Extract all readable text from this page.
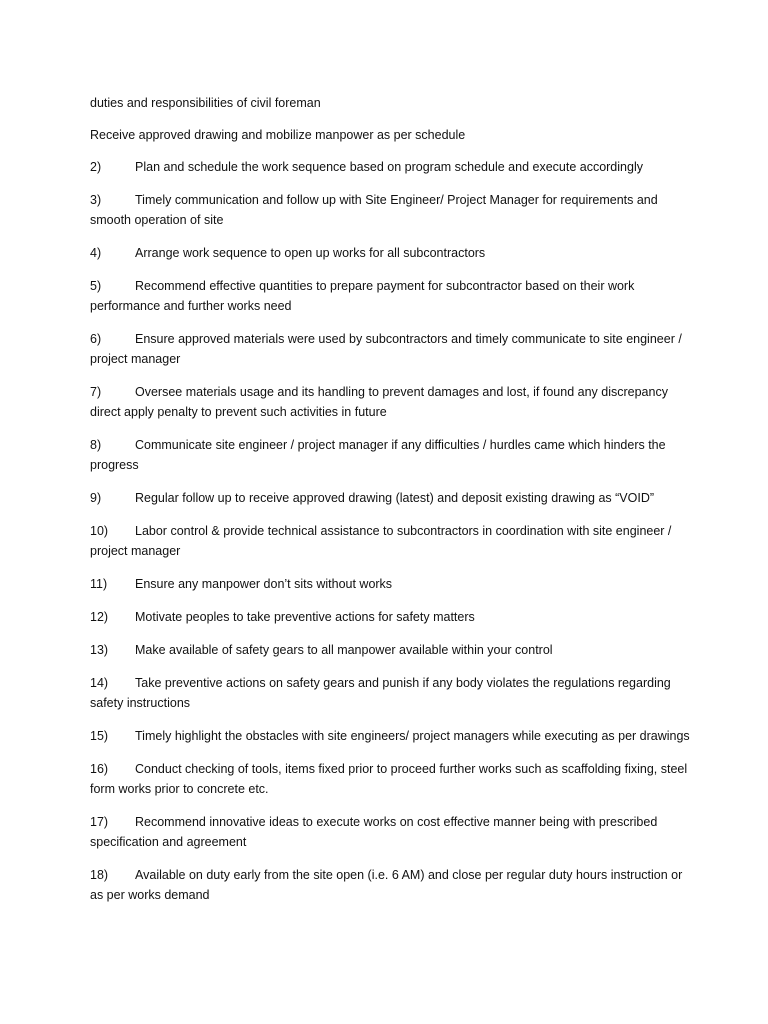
duties and responsibilities of civil foreman

Receive approved drawing and mobilize manpower as per schedule

2)	Plan and schedule the work sequence based on program schedule and execute accordingly

3)	Timely communication and follow up with Site Engineer/ Project Manager for requirements and smooth operation of site

4)	Arrange work sequence to open up works for all subcontractors

5)	Recommend effective quantities to prepare payment for subcontractor based on their work performance and further works need

6)	Ensure approved materials were used by subcontractors and timely communicate to site engineer / project manager

7)	Oversee materials usage and its handling to prevent damages and lost, if found any discrepancy direct apply penalty to prevent such activities in future

8)	Communicate site engineer / project manager if any difficulties / hurdles came which hinders the progress

9)	Regular follow up to receive approved drawing (latest) and deposit existing drawing as “VOID”

10) Labor control & provide technical assistance to subcontractors in coordination with site engineer / project manager

11) Ensure any manpower don’t sits without works

12) Motivate peoples to take preventive actions for safety matters

13) Make available of safety gears to all manpower available within your control

14) Take preventive actions on safety gears and punish if any body violates the regulations regarding safety instructions

15) Timely highlight the obstacles with site engineers/ project managers while executing as per drawings

16) Conduct checking of tools, items fixed prior to proceed further works such as scaffolding fixing, steel form works prior to concrete etc.

17) Recommend innovative ideas to execute works on cost effective manner being with prescribed specification and agreement

18) Available on duty early from the site open (i.e. 6 AM) and close per regular duty hours instruction or as per works demand
